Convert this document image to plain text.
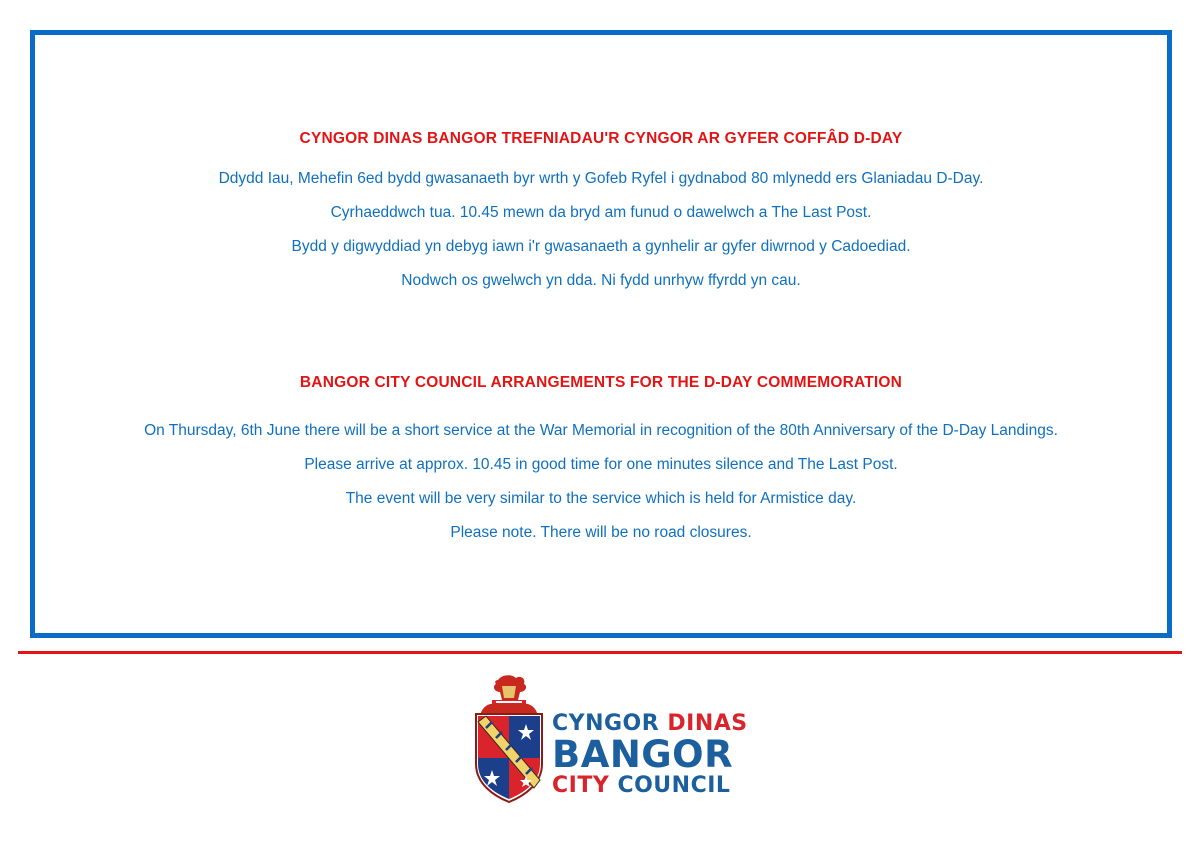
CYNGOR DINAS BANGOR TREFNIADAU'R CYNGOR AR GYFER COFFÂD D-DAY

Ddydd Iau, Mehefin 6ed bydd gwasanaeth byr wrth y Gofeb Ryfel i gydnabod 80 mlynedd ers Glaniadau D-Day.

Cyrhaeddwch tua. 10.45 mewn da bryd am funud o dawelwch a The Last Post.

Bydd y digwyddiad yn debyg iawn i'r gwasanaeth a gynhelir ar gyfer diwrnod y Cadoediad.

Nodwch os gwelwch yn dda. Ni fydd unrhyw ffyrdd yn cau.

BANGOR CITY COUNCIL ARRANGEMENTS FOR THE D-DAY COMMEMORATION

On Thursday, 6th June there will be a short service at the War Memorial in recognition of the 80th Anniversary of the D-Day Landings.

Please arrive at approx. 10.45 in good time for one minutes silence and The Last Post.

The event will be very similar to the service which is held for Armistice day.

Please note. There will be no road closures.

CYNGOR DINAS
BANGOR
CITY COUNCIL
